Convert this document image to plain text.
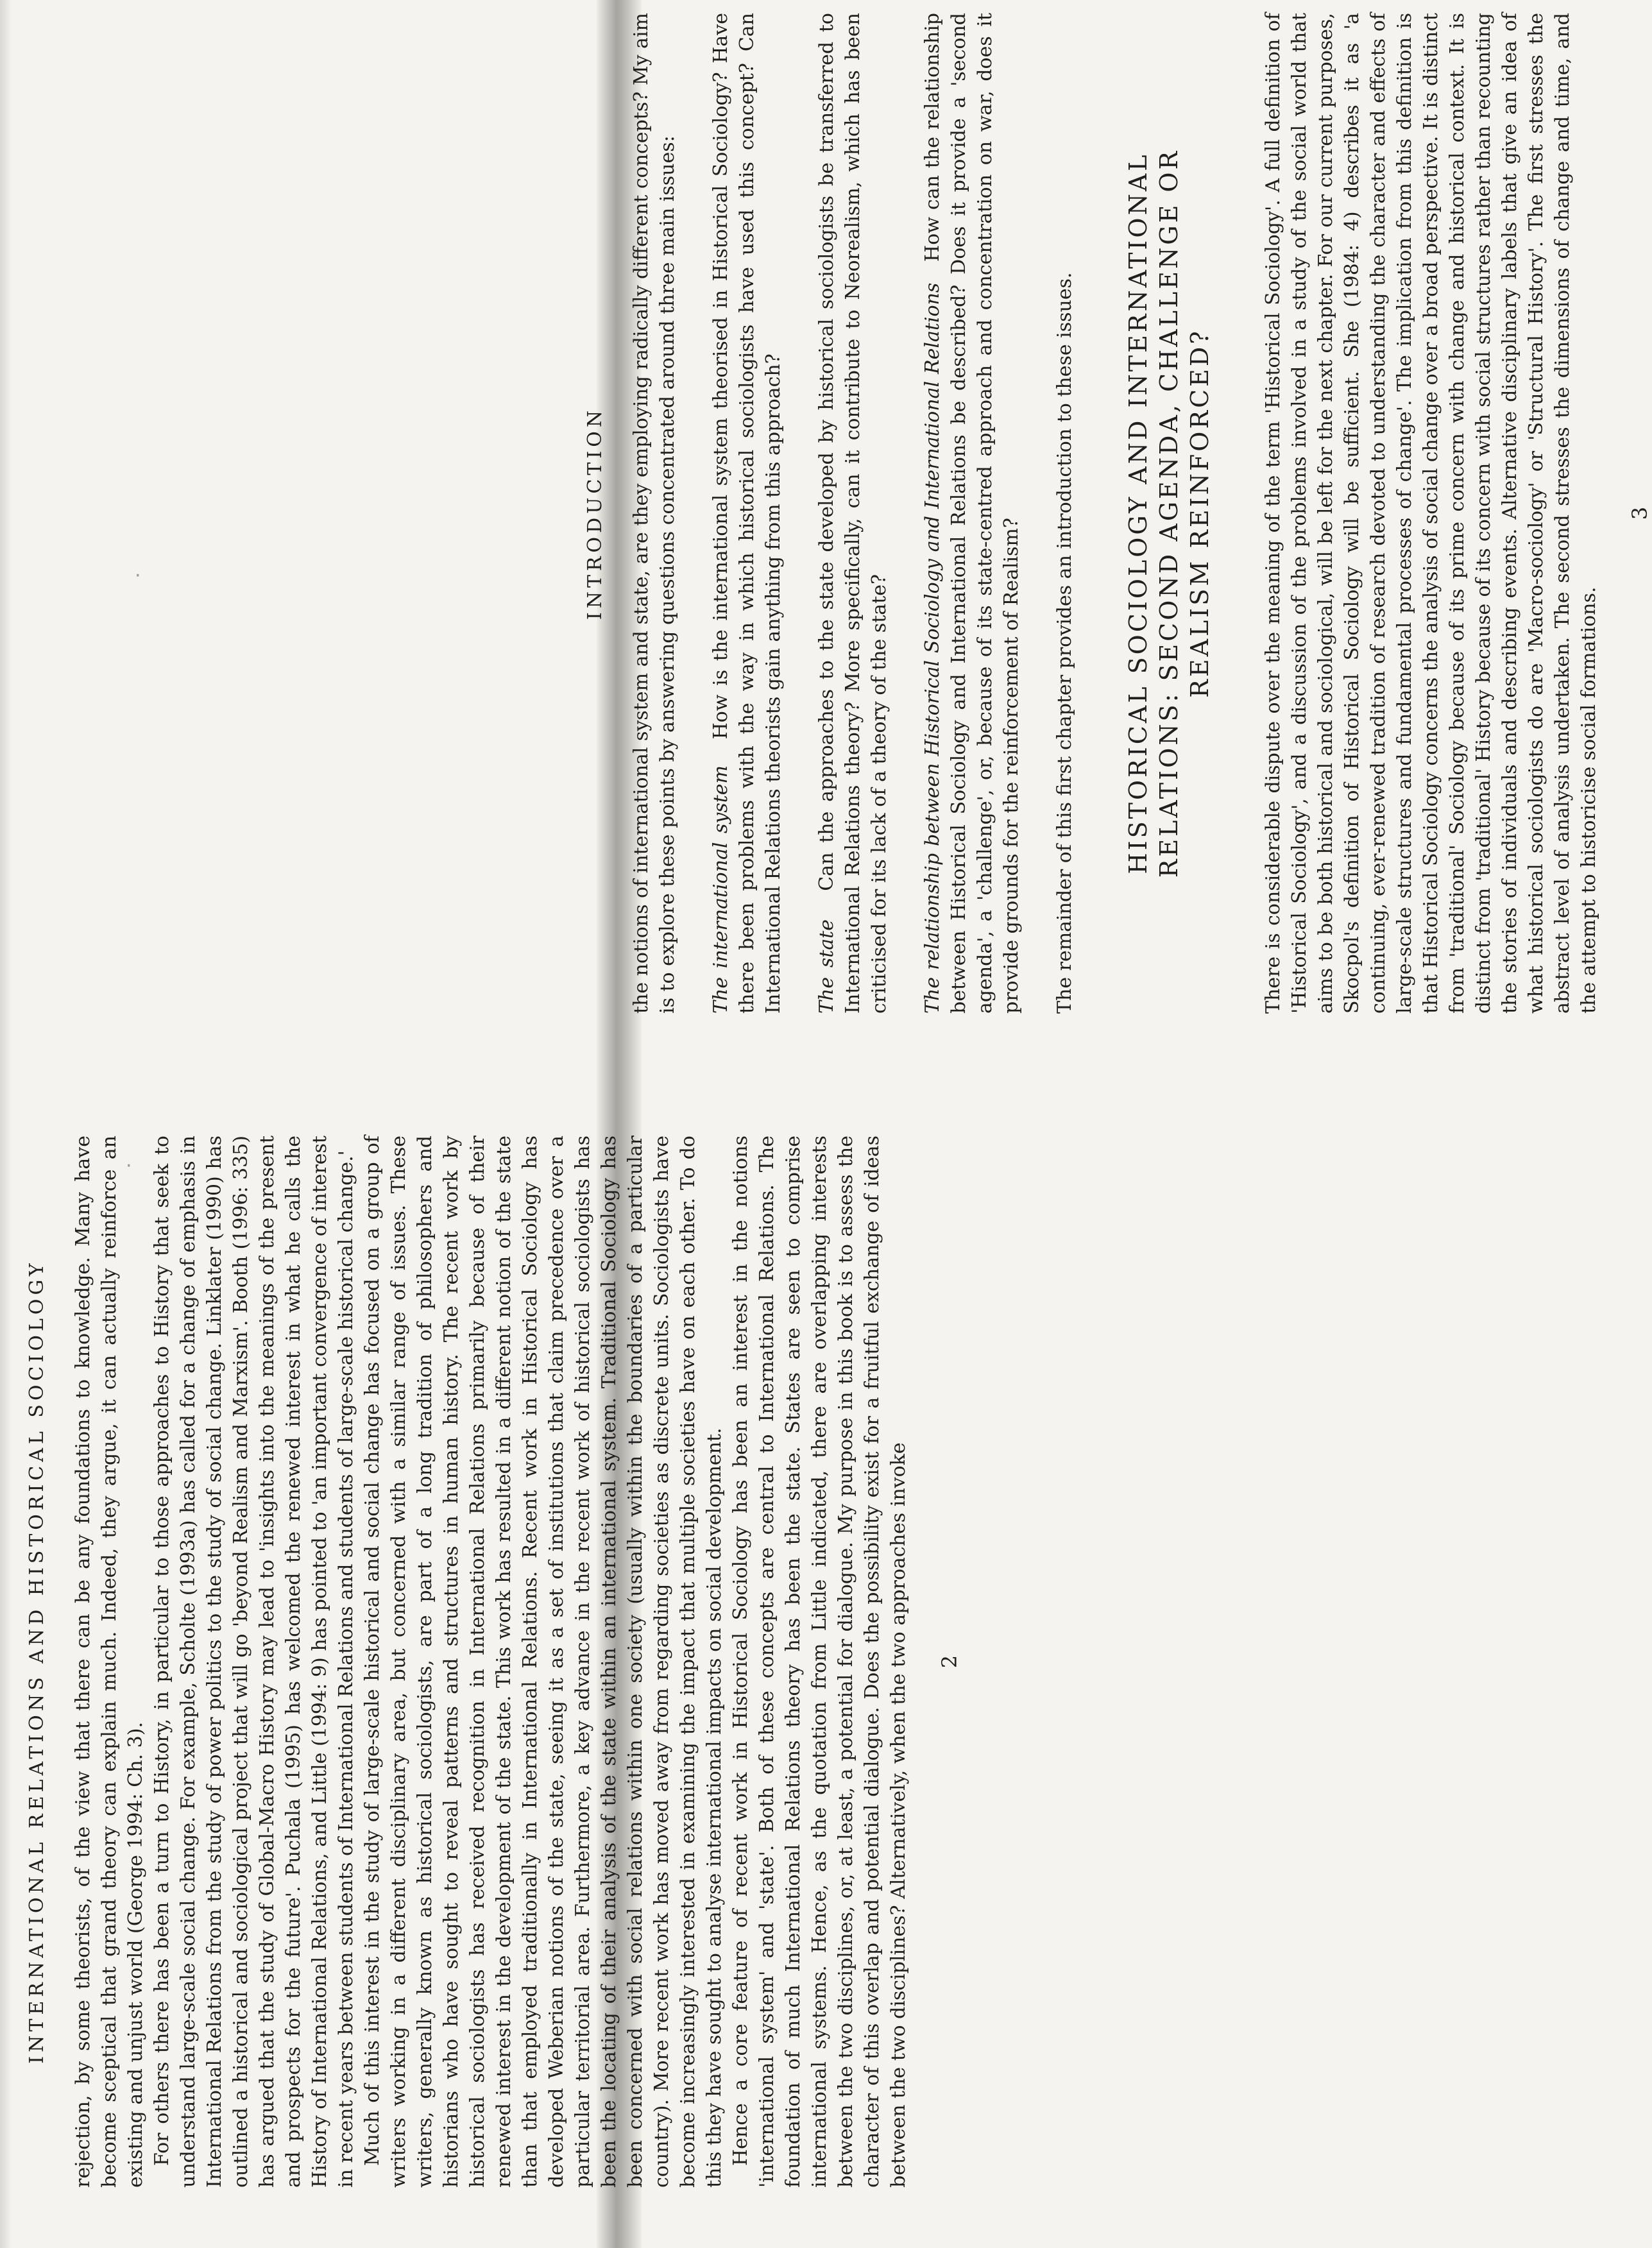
·
·
INTERNATIONAL RELATIONS AND HISTORICAL SOCIOLOGY rejection, by some theorists, of the view that there can be any foundations to knowledge. Many have become sceptical that grand theory can explain much. Indeed, they argue, it can actually reinforce an existing and unjust world (George 1994: Ch. 3). For others there has been a turn to History, in particular to those approaches to History that seek to understand large-scale social change. For example, Scholte (1993a) has called for a change of emphasis in International Relations from the study of power politics to the study of social change. Linklater (1990) has outlined a historical and sociological project that will go 'beyond Realism and Marxism'. Booth (1996: 335) has argued that the study of Global-Macro History may lead to 'insights into the meanings of the present and prospects for the future'. Puchala (1995) has welcomed the renewed interest in what he calls the History of International Relations, and Little (1994: 9) has pointed to 'an important convergence of interest in recent years between students of International Relations and students of large-scale historical change.' Much of this interest in the study of large-scale historical and social change has focused on a group of writers working in a different disciplinary area, but concerned with a similar range of issues. These writers, generally known as historical sociologists, are part of a long tradition of philosophers and historians who have sought to reveal patterns and structures in human history. The recent work by historical sociologists has received recognition in International Relations primarily because of their renewed interest in the development of the state. This work has resulted in a different notion of the state than that employed traditionally in International Relations. Recent work in Historical Sociology has developed Weberian notions of the state, seeing it as a set of institutions that claim precedence over a particular territorial area. Furthermore, a key advance in the recent work of historical sociologists has been the locating of their analysis of the state within an international system. Traditional Sociology has been concerned with social relations within one society (usually within the boundaries of a particular country). More recent work has moved away from regarding societies as discrete units. Sociologists have become increasingly interested in examining the impact that multiple societies have on each other. To do this they have sought to analyse international impacts on social development. Hence a core feature of recent work in Historical Sociology has been an interest in the notions 'international system' and 'state'. Both of these concepts are central to International Relations. The foundation of much International Relations theory has been the state. States are seen to comprise international systems. Hence, as the quotation from Little indicated, there are overlapping interests between the two disciplines, or, at least, a potential for dialogue. My purpose in this book is to assess the character of this overlap and potential dialogue. Does the possibility exist for a fruitful exchange of ideas between the two disciplines? Alternatively, when the two approaches invoke 2
INTRODUCTION the notions of international system and state, are they employing radically different concepts? My aim is to explore these points by answering questions concentrated around three main issues: The international system   How is the international system theorised in Historical Sociology? Have there been problems with the way in which historical sociologists have used this concept? Can International Relations theorists gain anything from this approach? The state   Can the approaches to the state developed by historical sociologists be transferred to International Relations theory? More specifically, can it contribute to Neorealism, which has been criticised for its lack of a theory of the state? The relationship between Historical Sociology and International Relations   How can the relationship between Historical Sociology and International Relations be described? Does it provide a 'second agenda', a 'challenge', or, because of its state-centred approach and concentration on war, does it provide grounds for the reinforcement of Realism? The remainder of this first chapter provides an introduction to these issues. HISTORICAL SOCIOLOGY AND INTERNATIONAL RELATIONS: SECOND AGENDA, CHALLENGE OR REALISM REINFORCED?	There is considerable dispute over the meaning of the term 'Historical Sociology'. A full definition of 'Historical Sociology', and a discussion of the problems involved in a study of the social world that aims to be both historical and sociological, will be left for the next chapter. For our current purposes, Skocpol's definition of Historical Sociology will be sufficient. She (1984: 4) describes it as 'a continuing, ever-renewed tradition of research devoted to understanding the character and effects of large-scale structures and fundamental processes of change'. The implication from this definition is that Historical Sociology concerns the analysis of social change over a broad perspective. It is distinct from 'traditional' Sociology because of its prime concern with change and historical context. It is distinct from 'traditional' History because of its concern with social structures rather than recounting the stories of individuals and describing events. Alternative disciplinary labels that give an idea of what historical sociologists do are 'Macro-sociology' or 'Structural History'. The first stresses the abstract level of analysis undertaken. The second stresses the dimensions of change and time, and the attempt to historicise social formations.

3
